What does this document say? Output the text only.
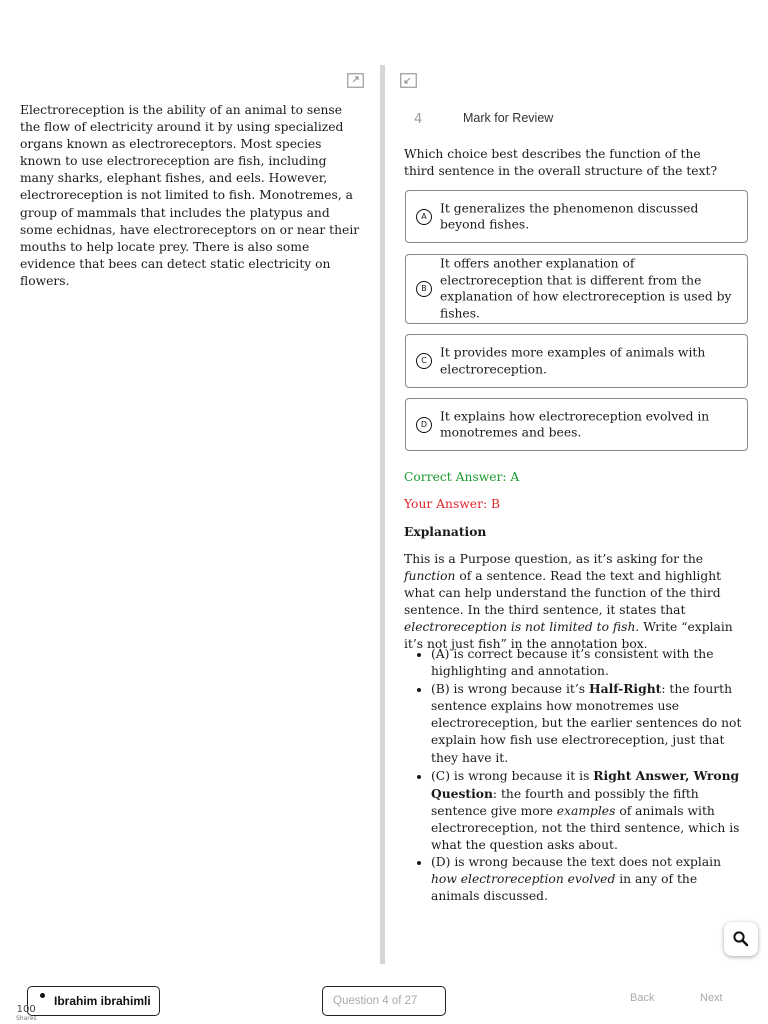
Electroreception is the ability of an animal to sense the flow of electricity around it by using specialized organs known as electroreceptors. Most species known to use electroreception are fish, including many sharks, elephant fishes, and eels. However, electroreception is not limited to fish. Monotremes, a group of mammals that includes the platypus and some echidnas, have electroreceptors on or near their mouths to help locate prey. There is also some evidence that bees can detect static electricity on flowers.

4	Mark for Review

Which choice best describes the function of the third sentence in the overall structure of the text?

A
It generalizes the phenomenon discussed beyond fishes.
B
It offers another explanation of electroreception that is different from the explanation of how electroreception is used by fishes.
C
It provides more examples of animals with electroreception.
D
It explains how electroreception evolved in monotremes and bees.

Correct Answer: A

Your Answer: B

Explanation

This is a Purpose question, as it’s asking for the function of a sentence. Read the text and highlight what can help understand the function of the third sentence. In the third sentence, it states that electroreception is not limited to fish. Write “explain it’s not just fish” in the annotation box.

• (A) is correct because it’s consistent with the highlighting and annotation.
• (B) is wrong because it’s Half-Right: the fourth sentence explains how monotremes use electroreception, but the earlier sentences do not explain how fish use electroreception, just that they have it.
• (C) is wrong because it is Right Answer, Wrong Question: the fourth and possibly the fifth sentence give more examples of animals with electroreception, not the third sentence, which is what the question asks about.
• (D) is wrong because the text does not explain how electroreception evolved in any of the animals discussed.
Ibrahim ibrahimli	Question 4 of 27	Back	Next
100
Shares
